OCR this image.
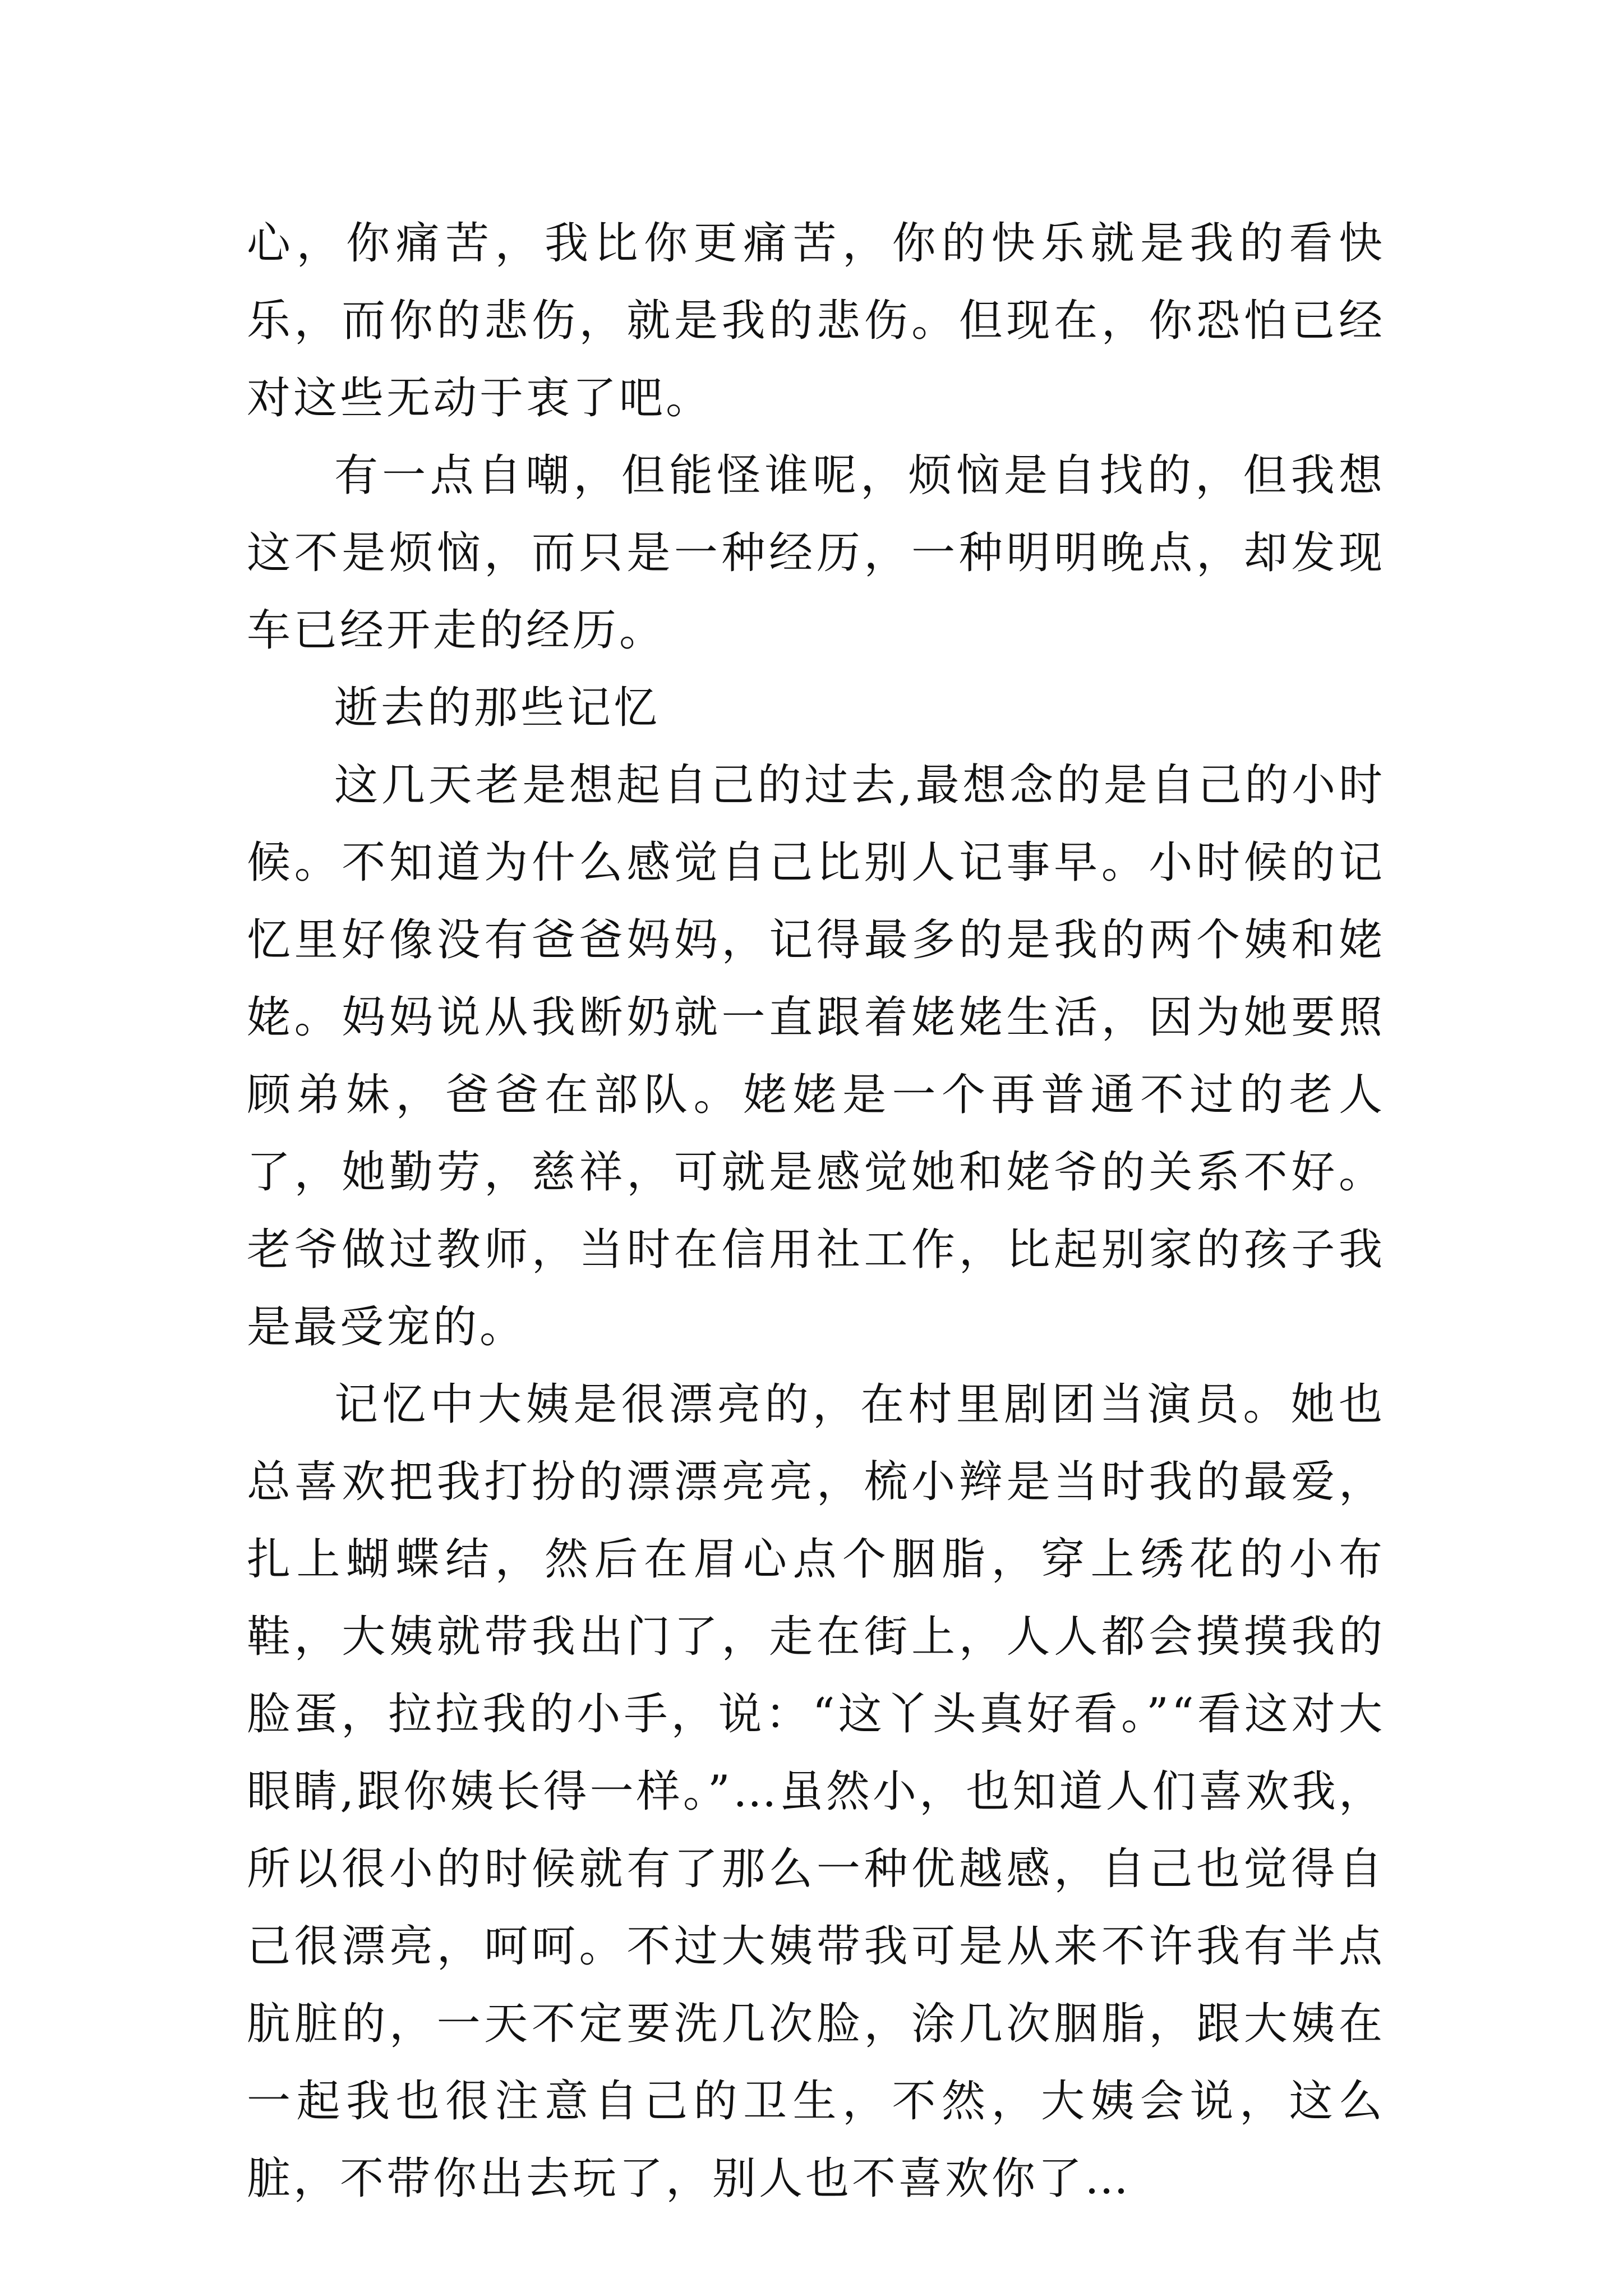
心，你痛苦，我比你更痛苦，你的快乐就是我的看快乐，而你的悲伤，就是我的悲伤。但现在，你恐怕已经对这些无动于衷了吧。

有一点自嘲，但能怪谁呢，烦恼是自找的，但我想这不是烦恼，而只是一种经历，一种明明晚点，却发现车已经开走的经历。

逝去的那些记忆

这几天老是想起自己的过去,最想念的是自己的小时候。不知道为什么感觉自己比别人记事早。小时候的记忆里好像没有爸爸妈妈，记得最多的是我的两个姨和姥姥。妈妈说从我断奶就一直跟着姥姥生活，因为她要照顾弟妹，爸爸在部队。姥姥是一个再普通不过的老人了，她勤劳，慈祥，可就是感觉她和姥爷的关系不好。老爷做过教师，当时在信用社工作，比起别家的孩子我是最受宠的。

记忆中大姨是很漂亮的，在村里剧团当演员。她也总喜欢把我打扮的漂漂亮亮，梳小辫是当时我的最爱，扎上蝴蝶结，然后在眉心点个胭脂，穿上绣花的小布鞋，大姨就带我出门了，走在街上，人人都会摸摸我的脸蛋，拉拉我的小手，说：“这丫头真好看。”“看这对大眼睛,跟你姨长得一样。”…虽然小，也知道人们喜欢我，所以很小的时候就有了那么一种优越感，自己也觉得自己很漂亮，呵呵。不过大姨带我可是从来不许我有半点肮脏的，一天不定要洗几次脸，涂几次胭脂，跟大姨在一起我也很注意自己的卫生，不然，大姨会说，这么脏，不带你出去玩了，别人也不喜欢你了…
